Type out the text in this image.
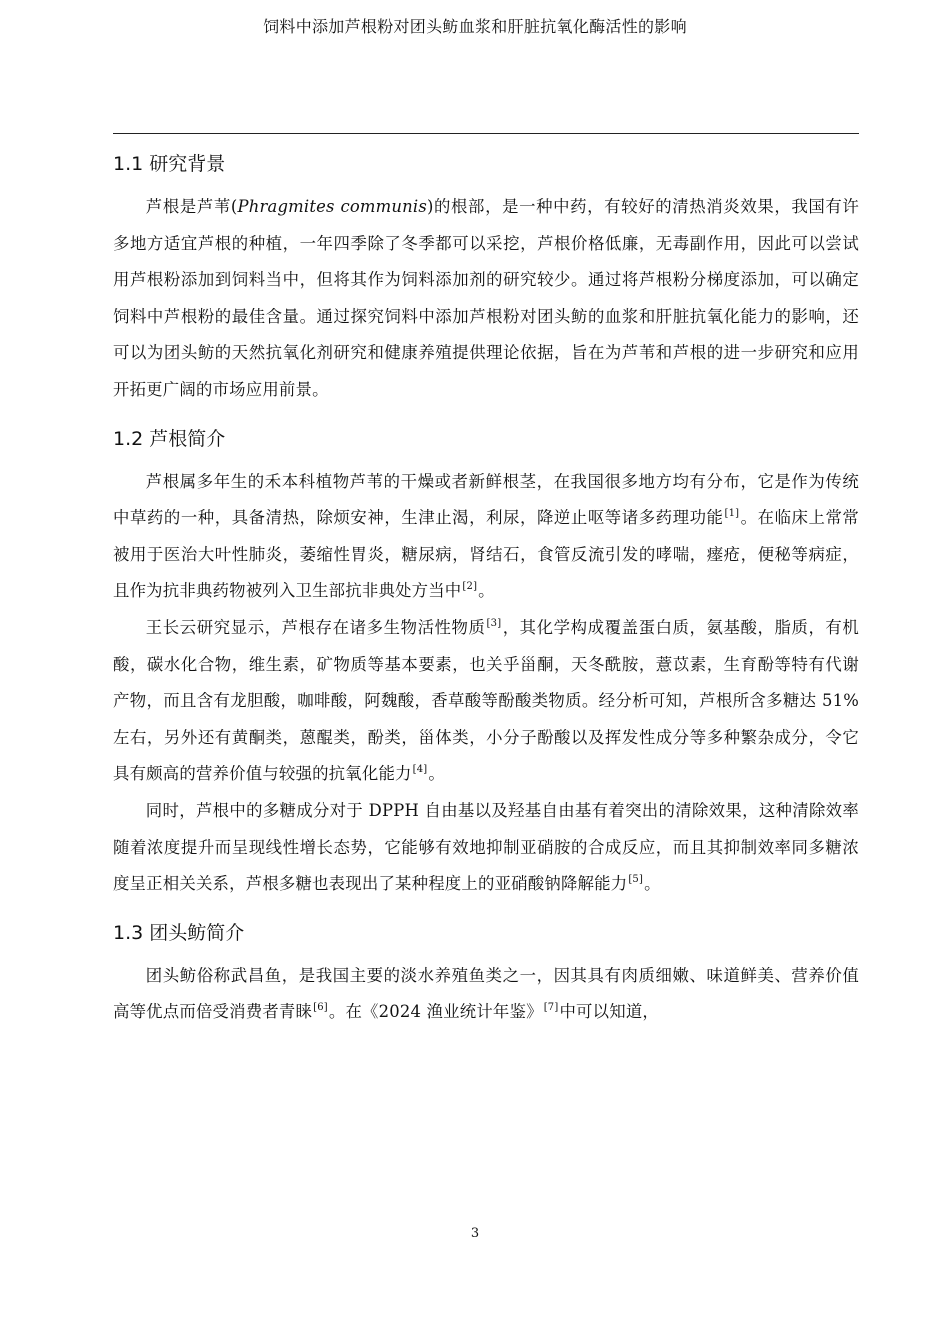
饲料中添加芦根粉对团头鲂血浆和肝脏抗氧化酶活性的影响
1.1 研究背景

芦根是芦苇(Phragmites communis)的根部，是一种中药，有较好的清热消炎效果，我国有许多地方适宜芦根的种植，一年四季除了冬季都可以采挖，芦根价格低廉，无毒副作用，因此可以尝试用芦根粉添加到饲料当中，但将其作为饲料添加剂的研究较少。通过将芦根粉分梯度添加，可以确定饲料中芦根粉的最佳含量。通过探究饲料中添加芦根粉对团头鲂的血浆和肝脏抗氧化能力的影响，还可以为团头鲂的天然抗氧化剂研究和健康养殖提供理论依据，旨在为芦苇和芦根的进一步研究和应用开拓更广阔的市场应用前景。

1.2 芦根简介

芦根属多年生的禾本科植物芦苇的干燥或者新鲜根茎，在我国很多地方均有分布，它是作为传统中草药的一种，具备清热，除烦安神，生津止渴，利尿，降逆止呕等诸多药理功能[1]。在临床上常常被用于医治大叶性肺炎，萎缩性胃炎，糖尿病，肾结石，食管反流引发的哮喘，瘗疮，便秘等病症，且作为抗非典药物被列入卫生部抗非典处方当中[2]。

王长云研究显示，芦根存在诸多生物活性物质[3]，其化学构成覆盖蛋白质，氨基酸，脂质，有机酸，碳水化合物，维生素，矿物质等基本要素，也关乎甾酮，天冬酰胺，薏苡素，生育酚等特有代谢产物，而且含有龙胆酸，咖啡酸，阿魏酸，香草酸等酚酸类物质。经分析可知，芦根所含多糖达 51%左右，另外还有黄酮类，蒽醌类，酚类，甾体类，小分子酚酸以及挥发性成分等多种繁杂成分，令它具有颇高的营养价值与较强的抗氧化能力[4]。

同时，芦根中的多糖成分对于 DPPH 自由基以及羟基自由基有着突出的清除效果，这种清除效率随着浓度提升而呈现线性增长态势，它能够有效地抑制亚硝胺的合成反应，而且其抑制效率同多糖浓度呈正相关关系，芦根多糖也表现出了某种程度上的亚硝酸钠降解能力[5]。

1.3 团头鲂简介

团头鲂俗称武昌鱼，是我国主要的淡水养殖鱼类之一，因其具有肉质细嫩、味道鲜美、营养价值高等优点而倍受消费者青睐[6]。在《2024 渔业统计年鉴》[7]中可以知道，

3
